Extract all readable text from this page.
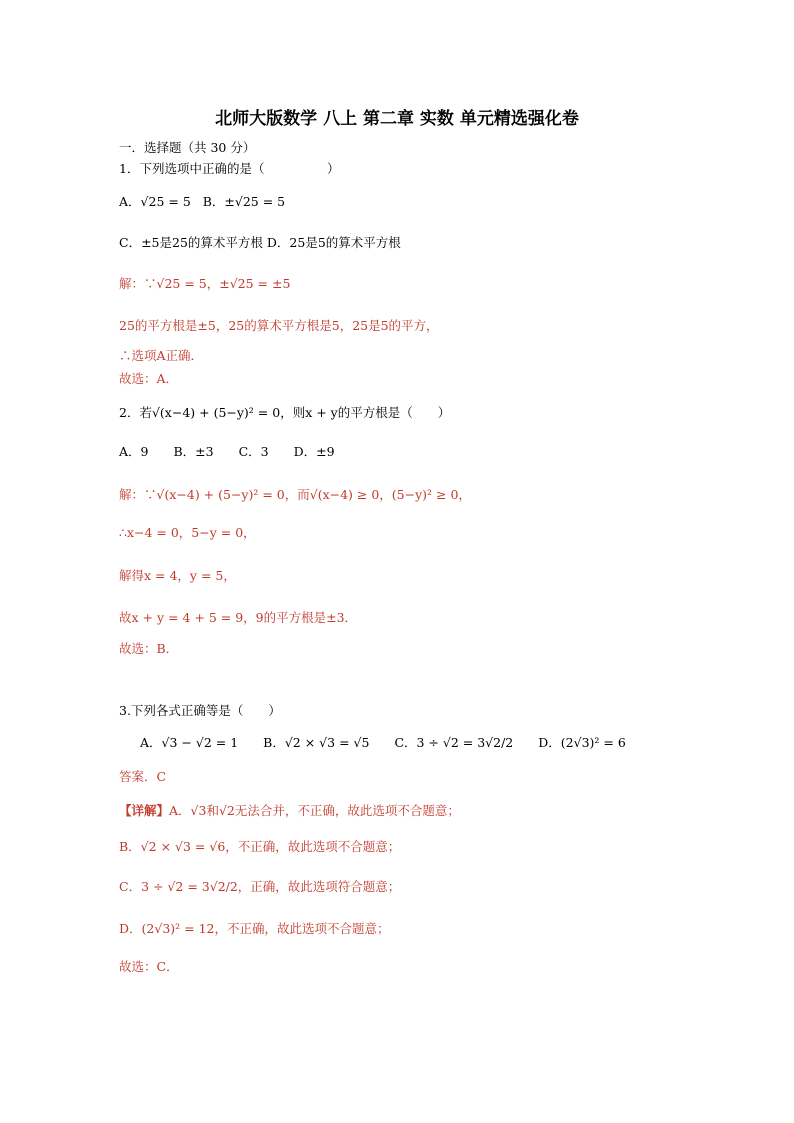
北师大版数学 八上 第二章 实数 单元精选强化卷
一．选择题（共 30 分）
1．下列选项中正确的是（　　　　　）
A．√25 = 5 B．±√25 = 5
C．±5是25的算术平方根 D．25是5的算术平方根
解：∵√25 = 5，±√25 = ±5
25的平方根是±5，25的算术平方根是5，25是5的平方，
∴选项A正确．
故选：A．
2．若√(x−4) + (5−y)² = 0，则x + y的平方根是（　　）
A．9　　B．±3　　C．3　　D．±9
解：∵√(x−4) + (5−y)² = 0，而√(x−4) ≥ 0，(5−y)² ≥ 0，
∴x−4 = 0，5−y = 0，
解得x = 4，y = 5，
故x + y = 4 + 5 = 9，9的平方根是±3．
故选：B．
3.下列各式正确等是（　　）
A．√3 − √2 = 1　　B．√2 × √3 = √5　　C．3 ÷ √2 = 3√2/2　　D．(2√3)² = 6
答案．C
【详解】A．√3和√2无法合并，不正确，故此选项不合题意；
B．√2 × √3 = √6，不正确，故此选项不合题意；
C．3 ÷ √2 = 3√2/2，正确，故此选项符合题意；
D．(2√3)² = 12，不正确，故此选项不合题意；
故选：C．
